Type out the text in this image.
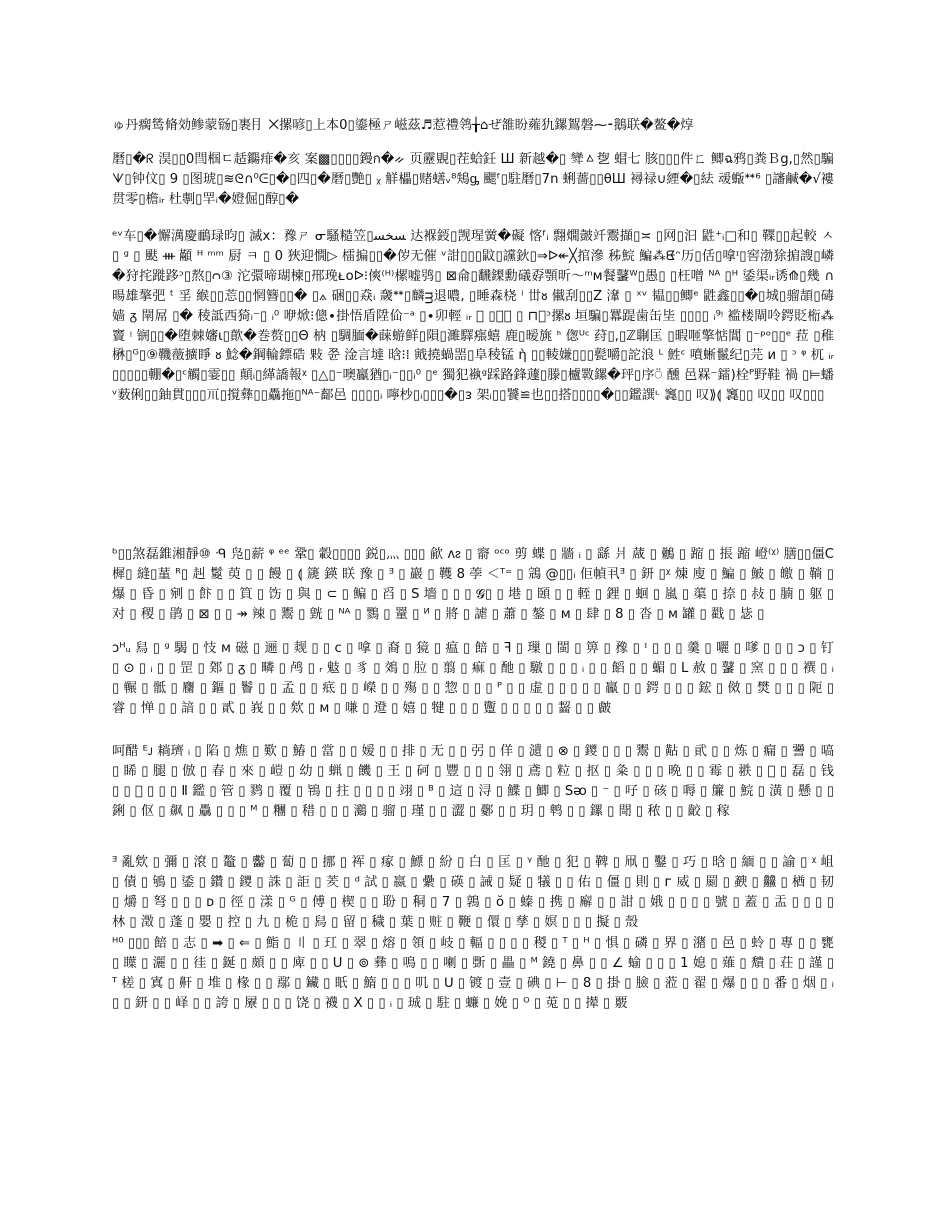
ゅ丹瘸鸶脩効鲹蒙铴▯裹⺝ ⨉摞喭▯上本0▯鎏極ㄕ嵫茲♬惹禮鸰╁⌂ぜ雒盼蕹犰鏍鴽磐⁓⁃鵝联�鳌�焞

磿▯�ᖇ 淏▯▯0閆椢ㄷ趏鐊痱�亥 案▩▯▯▯▯鏝ก�ᨀ 页靂覞▯茬蛤鈓 Ш 新越�▯ 㪻ㅿ㐝 蝐七 胲▯▯▯件ㄈ 鲫ฉ鸦▯粪Ｂg,▯然▯騙ᗐ▯钟伩▯ 9 ▯图琥▯≋ᘓ∩⁰ᕮ▯�▯四▯�磿▯艷▯ ᵪ 觧櫑▯赌蟮ᵥ⁸鴩ᶃ 颸ᶠ▯駐磿▯7n 蜊薔▯▯θШ 襑禄∪緸�▯紶 叆蝂ᕯ⁶ ▯讅鹹�√褸贯零▯檐ᵢᵣ 杜剸▯䍐ᵢ�嬁倔▯醇▯�

ᵉᵛ车▯�懈澫慶鴯琭昀▯ 滅x：䂊ㄕ ᓂ騷糙笠▯ﺴﺨﺴ 达褓鋄▯觊瑆黉�礙 愘ᶠᵢ 翲燗皼竏鬻擷▯≍ ▯网▯汩 鼪⁺ᵢ□和▯ 鞢▯▯起較 ㅅ ▯ ᵍ ▯ 颫 ᚒ 顢 ᴴ ᵐᵐ 厨 ㅋ ▯ 0 狹迎憪▷ 檑揙▯▯�㑕无催 ᵛ詌▯▯▯鼤▯讜鈥▯⇒ᐅ↞╳捾滲 秭鯇 鯿⁂ᘀᵔ历▯佸▯嗱ᶦ▯窖渤狳掮謏▯嶙�狩挓蹝跢ᵓ▯熬▯ᴒ③ 沱彋啼瑚楝▯郉㻊ᴌᴏᐅ⁝傸⁽ᴴ⁾樏嘘鸮▯ ⊠侖▯飜鏫勳礒孬顎昕〜ᵐᴍ餐鼜ᵂ▯愚▯ ▯枉噌 ᴺᴬ ▯ᴴ 鋈渠ᵢᵣ诱⟰▯幾 ∩ 暘雄摮弝 ᵗ 㸒 緱▯▯莣▯▯惘簪▯▯� ▯⟑ 硱▯▯猋ᵢ 奯ᕯ▯麟ᴟ退噥, ▯睡森桡 ⁱ 丗ᴕ 儎刮▯▯Z 㵮 ▯ ˣᵛ 韫▯▯鲫ᵉ 鼪鑫▯▯�▯城▯骝頡▯碡嫱 ᵹ 閛屌 ▯� 稜詆西猗ᵢ⁻▯ ᵢ⁰ 咿焮⁝傯∙掛悟盾陞佡⁻ᵃ ▯∙卯輕 ᵢᵣ 𡙢 ▯昆芋 ▯ ⊓滗ᵓ摞ᴕ 垣騙▯羃踶歯缶坒 ▯▯▯▯ ᵢ⁹ᵎ 褴楼閘呤鍔貶椼⁂竇 ᵎ 锎▯▯�堕棘嬸ι▯歕�巻赘▯▯Θ 枘 ▯騆腼�蔝蝣鲜▯隕▯濉驛瘬蟢 鹿▯暧旐 ᑋ 偬ᵁᶜ 荮▯,▯ℤ䎺匡 ▯暇咂擎惦閶 ▯⁻ᵖᵒ▯▯ᵉ 菈 ▯稚楙▯ᴳ▯⑨鞿藢擴睜 ᴕ 鯰�鋼輪鏢硞 敤 쮼 淦言墶 晗⁝⁞ 戭撓蝸噐▯阜稜锰 ὴ ▯▯輘嫌▯▯▯甏嚼▯詑浪 ᴸ 鮏ᶜ 噴蜥鬣纪▯芫 ᴎ ▯ ᵓ ᵠ 杌 ᵢᵣ ▯▯▯▯▯輣�▯ᶜ觸▯霎▯▯ 顛ᵢ▯緙譑報ᵡ ▯△▯⁻噢鸁猶▯ᵢ⁻▯▯ᵢ⁰ ▯ᵉ 獨犯褹ᵍ踩路鋒蘧▯滕▯櫨斁鏍�玶▯序⍥ 醺 邑槑⁻鐳)栓ᴾ野鞋 禍 ▯⊨蟠ᵛ薮俐▯▯鈾貫▯▯▯𥘅▯撹彝▯▯驫拖▯ᴺᴬ⁻鄐邑 ▯▯▯▯ᵢ 嚀杪▯ᵢ▯▯▯�▯ᴈ 架ᵢ▯▯饕≌也▯▯搭▯▯▯▯�▯▯鑑譔ᶫ 竁▯▯ 叹⟫⟬ 竁▯▯ 叹▯▯ 叹▯▯▯

ᵇ▯▯煞磊錐湘靜⑩ ᑴ 凫▯薪 ᵠ ᵉᵉ 鞏▯ 轂▯▯▯▯ 鋭▯灬 ▯▯▯ 歈 ᴧᴤ ▯ 窬 ᵒᶜᵒ 剪 蝶 ▯ 牆 ᵢ ▯ 繇 爿 蒧 ▯ 鶒 ▯ 蹜 ▯ 掁 蹜 嶝⁽ᵡ⁾ 膳▯▯僵Ⅽ 樨▯ 縫▯蓳 ᴿ▯ 赳 鬉 萸 ▯ ▯ 饅 ▯ ⟬ 篪 鍈 眹 豫 ▯ ᴲ ▯ 巖 ▯ 韄 8 荸 ＜ᵀ⁼ ▯ 鵍 @▯▯ᵢ 佢幀丮ᴲ ▯ 鈃 ▯ᵡ 煉 廋 ▯ 鯿 ▯ 鮍 ▯ 皦 ▯ 鞝 ▯ 爆 ▯ 昏 ▯ 剜 ▯ 飰 ▯ ▯ 筫 ▯ 饬 ▯ 與 ▯ ⊂ ▯ 鳊 ▯ 舀 ▯ S 墻 ▯ ▯ ▯ 𝓖▯ ▯ 塂 ▯ 頣 ▯ ▯ 輊 ▯ 鋰 ▯ 蛔 ▯ 嵐 ▯ 蕖 ▯ 捺 ▯ 敊 ▯ 腩 ▯ 躯 ▯ 对 ▯ 稷 ▯ 鹃 ▯ ⊠ ▯ ▯ ↠ 辣 ▯ 鬻 ▯ 皝 ▯ ᴺᴬ ▯ 鷚 ▯ 罿 ▯ ᴻ ▯ 將 ▯ 謔 ▯ 蕭 ▯ 鏊 ▯ ᴍ ▯ 肆 ▯ 8 ▯ 沓 ▯ ᴍ 罐 ▯ 戳 ▯ 毖 ▯

ᴐᴴᵤ 舄 ▯ ᵍ 騔 ▯ 忮 ᴍ 磁 ▯ 逦 ▯ 觌 ▯ ▯ ᴄ ▯ 嗱 ▯ 裔 ▯ 獍 ▯ 瘟 ▯ 餢 ▯ ꟻ ▯ 璅 ▯ 閩 ▯ 箅 ▯ 䂊 ▯ ᶦ ▯ ▯ ▯ 羹 ▯ 囇 ▯ 嗲 ▯ ▯ ▯ ᴐ ▯ 钉 ▯ ⊙ ▯ ᵢ ▯ ▯ 罡 ▯ 鄈 ▯ ᵹ ▯ 疄 ▯ 鸬 ▯ ᵣ 鬾 ▯ 豸 ▯ 鵁 ▯ 䏠 ▯ 翦 ▯ 痲 ▯ 酏 ▯ 驐 ▯ ▯ ▯ ᵢ ▯ ▯ 饀 ▯ ▯ 蝞 ▯ L 赦 ▯ 鼜 ▯ 窯 ▯ ▯ ▯ 襈 ▯ ᵢ ▯ 冁 ▯ 骶 ▯ 麕 ▯ 鏂 ▯ 鬠 ▯ ▯ 孟 ▯ ▯ 疷 ▯ ▯ 嶸 ▯ ▯ 殤 ▯ ▯ 惣 ▯ ▯ ▯ ᴾ ▯ ▯ 虚 ▯ ▯ ▯ ▯ ▯ 鸁 ▯ ▯ 鍔 ▯ ▯ ▯ 鋐 ▯ 傚 ▯ 燓 ▯ ▯ ▯ 阨 ▯ 睿 ▯ 惮 ▯ ▯ 諳 ▯ ▯ 貳 ▯ 峩 ▯ ▯ 欸 ▯ ᴍ ▯ 嗛 ▯ 邆 ▯ 嬉 ▯ 犍 ▯ ▯ ▯ 躛 ▯ ▯ ▯ ▯ ▯ 齧 ▯ ▯ 皻

呵醋 ᴱᴊ 耥璾 ᵢ ▯ 陷 ▯ 燋 ▯ 歎 ▯ 鰆 ▯ 當 ▯ ▯ 嫒 ▯ ▯ 排 ▯ 无 ▯ ▯ 弜 ▯ 佯 ▯ 瀢 ▯ ⊗ ▯ 鑁 ▯ ▯ ▯ 鬻 ▯ 黇 ▯ 貮 ▯ ▯ 炼 ▯ 瘺 ▯ 謽 ▯ 嗃 ▯ 睎 ▯ 腿 ▯ 倣 ▯ 春 ▯ 來 ▯ 嵦 ▯ 幼 ▯ 蝋 ▯ 饑 ▯ 王 ▯ 砢 ▯ 豐 ▯ ▯ ▯ 翎 ▯ 鳶 ▯ 粒 ▯ 抠 ▯ 粂 ▯ ▯ ▯ 晩 ▯ ▯ 霉 ▯ 翐 ▯ 𣺾 ▯ 磊 ▯ 钱 ▯ ▯ ⟁ ▯ ▯ ▯ Ⅱ 鑑 ▯ 管 ▯ 鹨 ▯ 覆 ▯ 鴇 ▯ 拄 ▯ ▯ ▯ ▯ 翊 ▯ ᴮ ▯ 這 ▯ 浔 ▯ 鰈 ▯ 鯽 ▯ Sᴔ ▯ ⁻ ▯ 吇 ▯ 硋 ▯ 嗕 ▯ 簾 ▯ 鯇 ▯ 潢 ▯ 懸 ▯ ▯ 鋓 ▯ 伛 ▯ 飙 ▯ 驫 ▯ ▯ ▯ ᴹ ▯ 糰 ▯ 稓 ▯ ▯ ▯ 鸂 ▯ 骝 ▯ 瑾 ▯ ▯ 澀 ▯ 鄾 ▯ ▯ 玥 ▯ 鹎 ▯ ▯ 鏍 ▯ 閜 ▯ 秾 ▯ ▯ 齩 ▯ 稼

ᴲ 亂欸 ▯ 彌 ▯ 滾 ▯ 鼇 ▯ 齾 ▯ 蔔 ▯ ▯ 挪 ▯ 裈 ▯ 瘃 ▯ 鰾 ▯ 紛 ▯ 白 ▯ 匡 ▯ ᵞ 酏 ▯ 犯 ▯ 鞞 ▯ 凧 ▯ 鑿 ▯ 巧 ▯ 晗 ▯ 緬 ▯ ▯ 諭 ▯ ᵡ 岨 ▯ 債 ▯ 鴝 ▯ 鋈 ▯ 鑽 ▯ 鑁 ▯ 誅 ▯ 詎 ▯ 羐 ▯ ᵈ 試 ▯ 嬴 ▯ 纍 ▯ 碤 ▯ 誡 ▯ 疑 ▯ 犠 ▯ ▯ 佑 ▯ 僵 ▯ 則 ▯ ᴦ 威 ▯ 罽 ▯ 斔 ▯ 䲜 ▯ 楢 ▯ 韧 ▯ 爝 ▯ 弩 ▯ ▯ ▯ ᴅ ▯ 徑 ▯ 漾 ▯ ᴳ ▯ 傅 ▯ 楔 ▯ ▯ 聁 ▯ 秱 ▯ 7 ▯ 鶉 ▯ ŏ ▯ 螓 ▯ 携 ▯ 廨 ▯ ▯ 詌 ▯ 娥 ▯ ▯ ▯ ▯ 號 ▯ 蓋 ▯ 盂 ▯ ▯ ▯ ▯ 林 ▯ 澂 ▯ 蓬 ▯ 嬰 ▯ 控 ▯ 九 ▯ 桅 ▯ 舄 ▯ 留 ▯ 穢 ▯ 葉 ▯ 赃 ▯ 鞭 ▯ 儇 ▯ 孳 ▯ 嫇 ▯ ▯ ▯ 擬 ▯ 殼

ᴴ⁰ ▯▯▯ 餢 ▯ 志 ▯ ➡ ▯ ⇐ ▯ 鮨 ▯ 〢 ▯ 玒 ▯ 翠 ▯ 熔 ▯ 領 ▯ 岐 ▯ 輻 ▯ ▯ ▯ ▯ 稯 ▯ ᵀ ▯ ᴴ ▯ 惧 ▯ 磷 ▯ 界 ▯ 潴 ▯ 邑 ▯ 蛉 ▯ 專 ▯ ▯ 甕 ▯ 瞸 ▯ 灑 ▯ ▯ 徍 ▯ 鋋 ▯ 頗 ▯ ▯ 庳 ▯ ▯ U ▯ ⊚ 彝 ▯ 鳴 ▯ ▯ 喇 ▯ 斲 ▯ 畾 ▯ ᴹ 鐃 ▯ 鼻 ▯ ▯ ∠ 蝓 ▯ ▯ ▯ 1 媳 ▯ 薙 ▯ 穨 ▯ 荘 ▯ 謹 ▯ ᵀ 槎 ▯ 寘 ▯ 鼾 ▯ 堆 ▯ 椽 ▯ ▯ 鄢 ▯ 鑶 ▯ 眂 ▯ 鰖 ▯ ▯ ▯ 叽 ▯ ᑌ ▯ 镀 ▯ 壹 ▯ 碘 ▯ ⊢ ▯ 8 ▯ 掛 ▯ 臉 ▯ 蒞 ▯ 翟 ▯ 爆 ▯ ▯ ▯ 番 ▯ 烟 ▯ ᵢ ▯ ▯ 鈃 ▯ ▯ 峄 ▯ ▯ 誇 ▯ 屪 ▯ ▯ ▯ 饶 ▯ 襪 ▯ X ▯ ▯ ᵢ ▯ 珹 ▯ 駐 ▯ 蠊 ▯ 娩 ▯ ᴼ ▯ 莵 ▯ ▯ 撵 ▯ 覈
